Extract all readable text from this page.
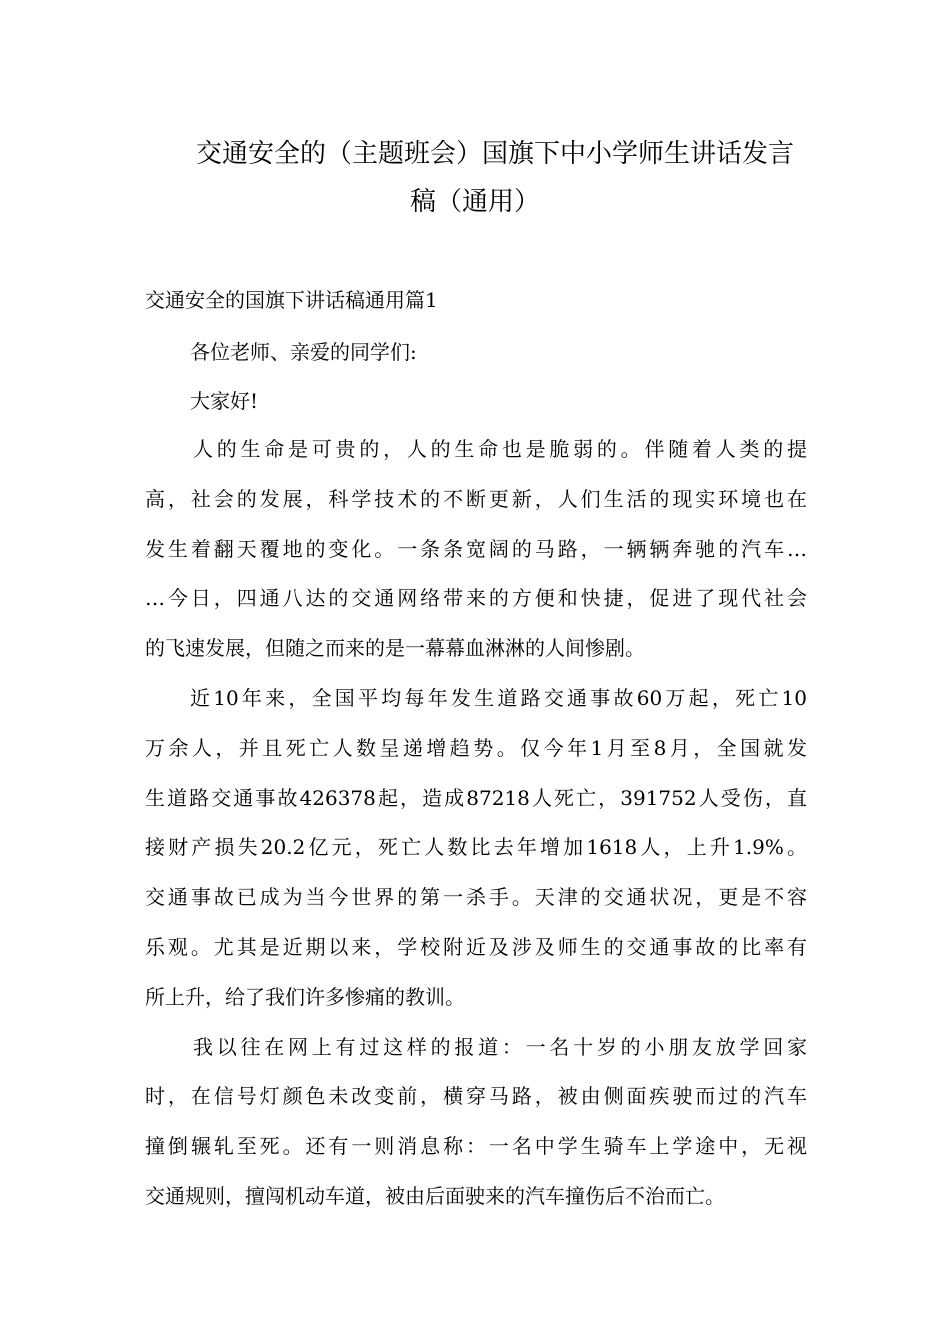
交通安全的（主题班会）国旗下中小学师生讲话发言
稿（通用）
交通安全的国旗下讲话稿通用篇1
各位老师、亲爱的同学们:
大家好!
人的生命是可贵的，人的生命也是脆弱的。伴随着人类的提
高，社会的发展，科学技术的不断更新，人们生活的现实环境也在
发生着翻天覆地的变化。一条条宽阔的马路，一辆辆奔驰的汽车…
…今日，四通八达的交通网络带来的方便和快捷，促进了现代社会
的飞速发展，但随之而来的是一幕幕血淋淋的人间惨剧。
近10年来，全国平均每年发生道路交通事故60万起，死亡10
万余人，并且死亡人数呈递增趋势。仅今年1月至8月，全国就发
生道路交通事故426378起，造成87218人死亡，391752人受伤，直
接财产损失20.2亿元，死亡人数比去年增加1618人，上升1.9%。
交通事故已成为当今世界的第一杀手。天津的交通状况，更是不容
乐观。尤其是近期以来，学校附近及涉及师生的交通事故的比率有
所上升，给了我们许多惨痛的教训。
我以往在网上有过这样的报道：一名十岁的小朋友放学回家
时，在信号灯颜色未改变前，横穿马路，被由侧面疾驶而过的汽车
撞倒辗轧至死。还有一则消息称：一名中学生骑车上学途中，无视
交通规则，擅闯机动车道，被由后面驶来的汽车撞伤后不治而亡。
